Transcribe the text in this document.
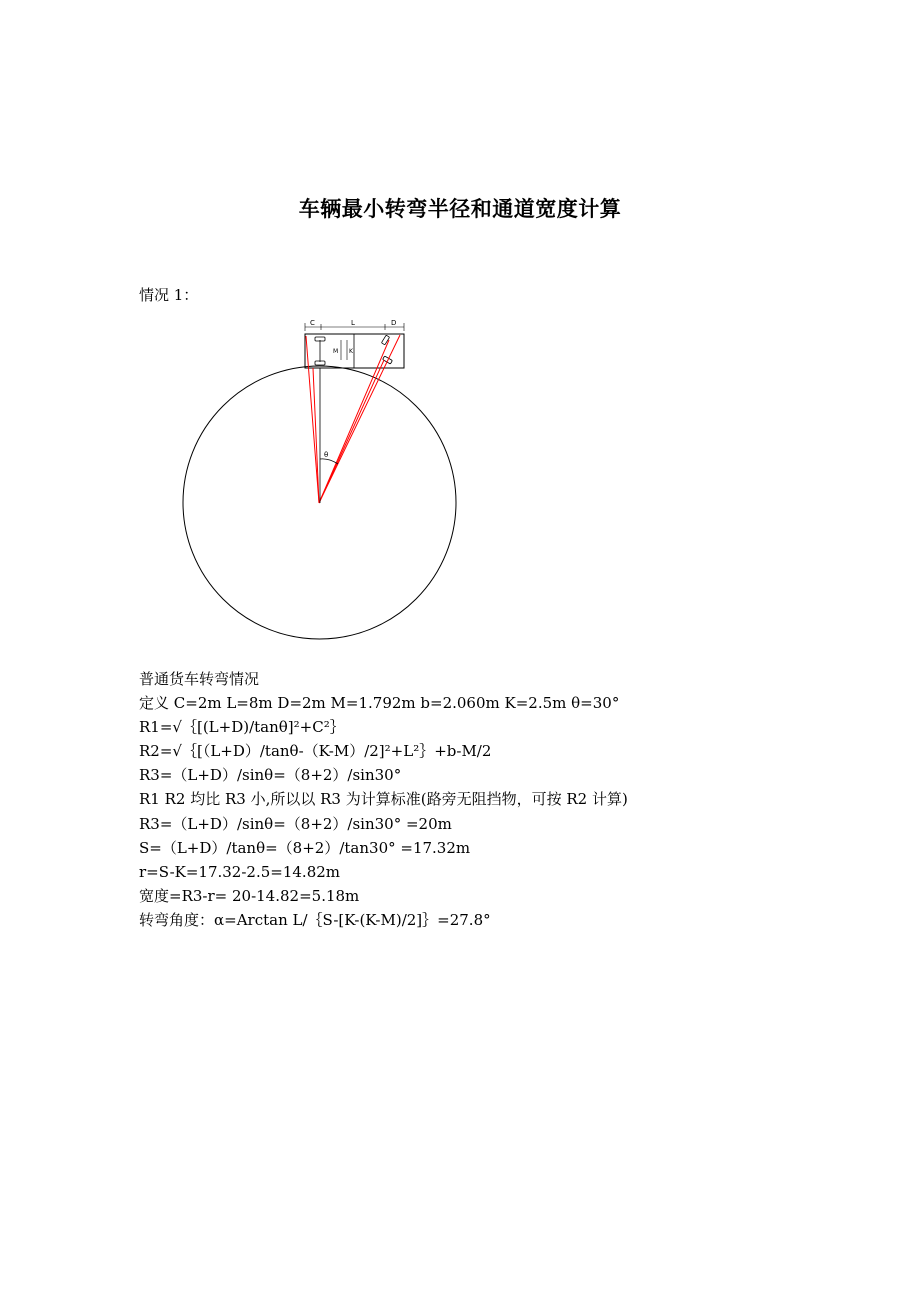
车辆最小转弯半径和通道宽度计算
情况 1：
C	L	D
M K
θ
普通货车转弯情况
定义 C=2m L=8m D=2m M=1.792m b=2.060m K=2.5m θ=30°
R1=√｛[(L+D)/tanθ]²+C²｝
R2=√｛[（L+D）/tanθ-（K-M）/2]²+L²｝+b-M/2
R3=（L+D）/sinθ=（8+2）/sin30°
R1 R2 均比 R3 小,所以以 R3 为计算标准(路旁无阻挡物，可按 R2 计算)
R3=（L+D）/sinθ=（8+2）/sin30° =20m
S=（L+D）/tanθ=（8+2）/tan30° =17.32m
r=S-K=17.32-2.5=14.82m
宽度=R3-r= 20-14.82=5.18m
转弯角度：α=Arctan L/｛S-[K-(K-M)/2]｝=27.8°
